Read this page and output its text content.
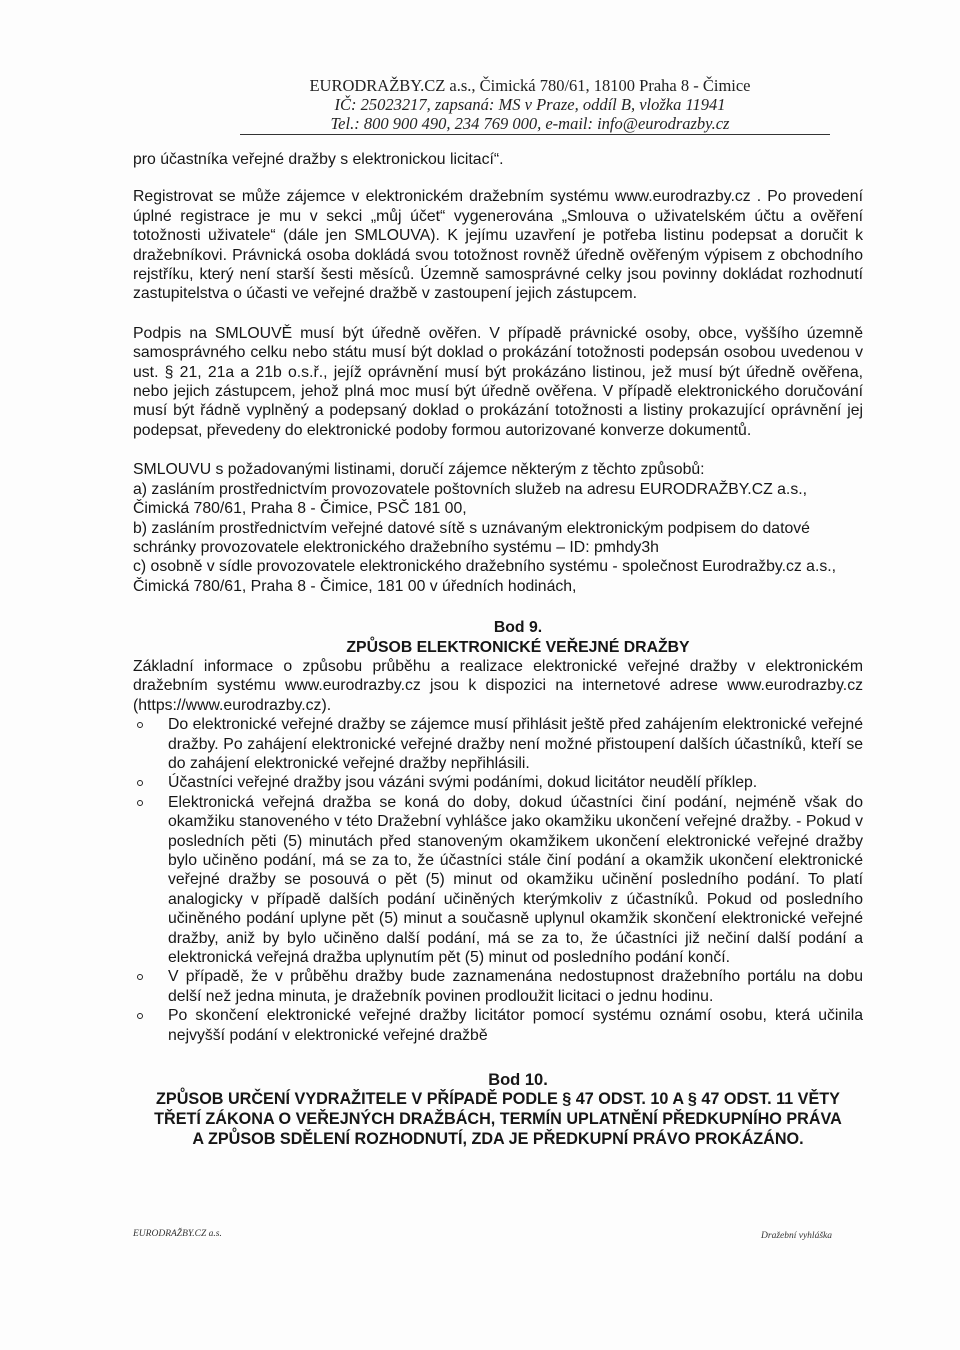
EURODRAŽBY.CZ a.s., Čimická 780/61, 18100 Praha 8 - Čimice
IČ: 25023217, zapsaná: MS v Praze, oddíl B, vložka 11941
Tel.: 800 900 490, 234 769 000, e-mail: info@eurodrazby.cz

pro účastníka veřejné dražby s elektronickou licitací“.

Registrovat se může zájemce v elektronickém dražebním systému www.eurodrazby.cz . Po provedení úplné registrace je mu v sekci „můj účet“ vygenerována „Smlouva o uživatelském účtu a ověření totožnosti uživatele“ (dále jen SMLOUVA). K jejímu uzavření je potřeba listinu podepsat a doručit k dražebníkovi. Právnická osoba dokládá svou totožnost rovněž úředně ověřeným výpisem z obchodního rejstříku, který není starší šesti měsíců. Územně samosprávné celky jsou povinny dokládat rozhodnutí zastupitelstva o účasti ve veřejné dražbě v zastoupení jejich zástupcem.

Podpis na SMLOUVĚ musí být úředně ověřen. V případě právnické osoby, obce, vyššího územně samosprávného celku nebo státu musí být doklad o prokázání totožnosti podepsán osobou uvedenou v ust. § 21, 21a a 21b o.s.ř., jejíž oprávnění musí být prokázáno listinou, jež musí být úředně ověřena, nebo jejich zástupcem, jehož plná moc musí být úředně ověřena. V případě elektronického doručování musí být řádně vyplněný a podepsaný doklad o prokázání totožnosti a listiny prokazující oprávnění jej podepsat, převedeny do elektronické podoby formou autorizované konverze dokumentů.

SMLOUVU s požadovanými listinami, doručí zájemce některým z těchto způsobů:

a) zasláním prostřednictvím provozovatele poštovních služeb na adresu EURODRAŽBY.CZ a.s., Čimická 780/61, Praha 8 - Čimice, PSČ 181 00,

b) zasláním prostřednictvím veřejné datové sítě s uznávaným elektronickým podpisem do datové schránky provozovatele elektronického dražebního systému – ID: pmhdy3h

c) osobně v sídle provozovatele elektronického dražebního systému - společnost Eurodražby.cz a.s., Čimická 780/61, Praha 8 - Čimice, 181 00 v úředních hodinách,

Bod 9.

ZPŮSOB ELEKTRONICKÉ VEŘEJNÉ DRAŽBY

Základní informace o způsobu průběhu a realizace elektronické veřejné dražby v elektronickém dražebním systému www.eurodrazby.cz jsou k dispozici na internetové adrese www.eurodrazby.cz (https://www.eurodrazby.cz).

Do elektronické veřejné dražby se zájemce musí přihlásit ještě před zahájením elektronické veřejné dražby. Po zahájení elektronické veřejné dražby není možné přistoupení dalších účastníků, kteří se do zahájení elektronické veřejné dražby nepřihlásili.
Účastníci veřejné dražby jsou vázáni svými podáními, dokud licitátor neudělí příklep.
Elektronická veřejná dražba se koná do doby, dokud účastníci činí podání, nejméně však do okamžiku stanoveného v této Dražební vyhlášce jako okamžiku ukončení veřejné dražby. - Pokud v posledních pěti (5) minutách před stanoveným okamžikem ukončení elektronické veřejné dražby bylo učiněno podání, má se za to, že účastníci stále činí podání a okamžik ukončení elektronické veřejné dražby se posouvá o pět (5) minut od okamžiku učinění posledního podání. To platí analogicky v případě dalších podání učiněných kterýmkoliv z účastníků. Pokud od posledního učiněného podání uplyne pět (5) minut a současně uplynul okamžik skončení elektronické veřejné dražby, aniž by bylo učiněno další podání, má se za to, že účastníci již nečiní další podání a elektronická veřejná dražba uplynutím pět (5) minut od posledního podání končí.
V případě, že v průběhu dražby bude zaznamenána nedostupnost dražebního portálu na dobu delší než jedna minuta, je dražebník povinen prodloužit licitaci o jednu hodinu.
Po skončení elektronické veřejné dražby licitátor pomocí systému oznámí osobu, která učinila nejvyšší podání v elektronické veřejné dražbě

Bod 10.

ZPŮSOB URČENÍ VYDRAŽITELE V PŘÍPADĚ PODLE § 47 ODST. 10 A § 47 ODST. 11 VĚTY
TŘETÍ ZÁKONA O VEŘEJNÝCH DRAŽBÁCH, TERMÍN UPLATNĚNÍ PŘEDKUPNÍHO PRÁVA
A ZPŮSOB SDĚLENÍ ROZHODNUTÍ, ZDA JE PŘEDKUPNÍ PRÁVO PROKÁZÁNO.
EURODRAŽBY.CZ a.s.	Dražební vyhláška
